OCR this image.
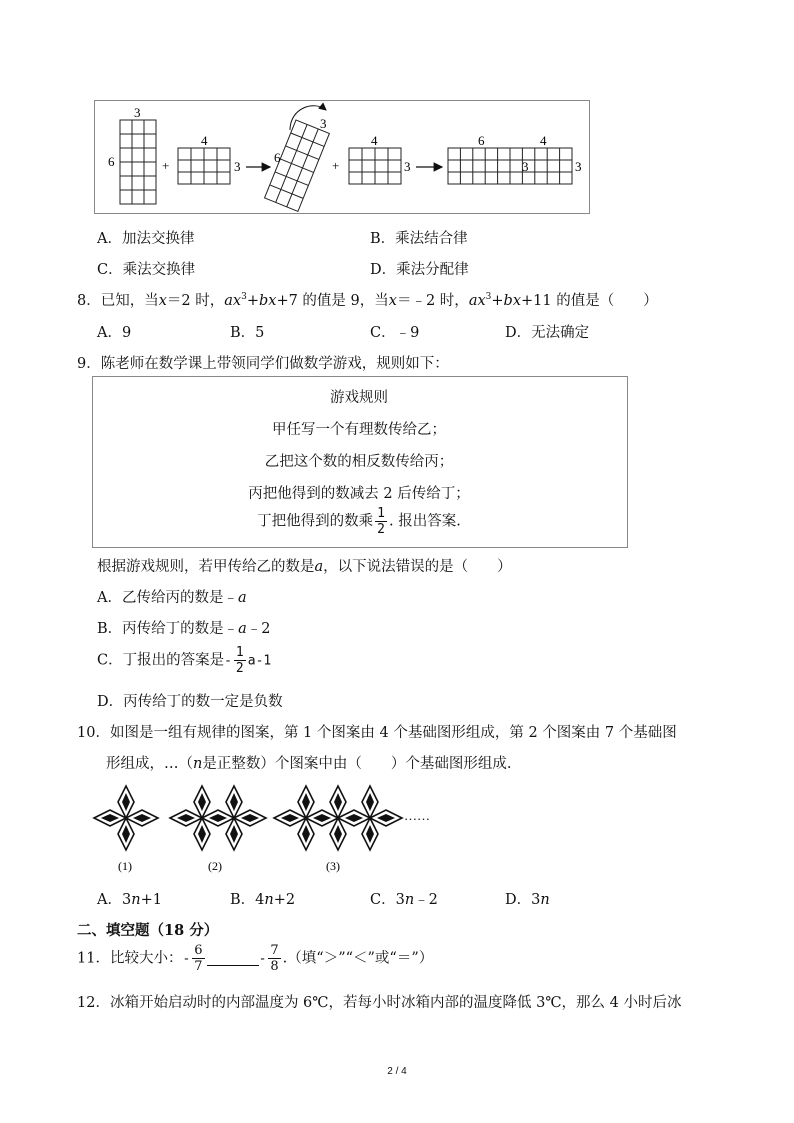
3
6	+
4
3
3
6
+
4
3
6	4
3	3
A．加法交换律	B．乘法结合律
C．乘法交换律	D．乘法分配律
8．已知，当x＝2 时，$ax^3+bx+7$ 的值是 9，当x＝﹣2 时，$ax^3+bx+11$ 的值是（　　）
A．9	B．5	C．﹣9	D．无法确定
9．陈老师在数学课上带领同学们做数学游戏，规则如下：
游戏规则
甲任写一个有理数传给乙；
乙把这个数的相反数传给丙；
丙把他得到的数减去 2 后传给丁；
丁把他得到的数乘 $\frac{1}{2}$ . 报出答案.
根据游戏规则，若甲传给乙的数是a，以下说法错误的是（　　）
A．乙传给丙的数是﹣a
B．丙传给丁的数是﹣a﹣2
C．丁报出的答案是- $\frac{1}{2} a-1$
D．丙传给丁的数一定是负数
10．如图是一组有规律的图案，第 1 个图案由 4 个基础图形组成，第 2 个图案由 7 个基础图
形组成，…（n是正整数）个图案中由（　　）个基础图形组成.
……
(1)	(2)	(3)
A．3n+1	B．4n+2	C．3n﹣2	D．3n
二、填空题（18 分）
11．比较大小：- $\frac{6}{7}$	- $\frac{7}{8}$ .（填“＞”“＜”或“＝”）
12．冰箱开始启动时的内部温度为 6℃，若每小时冰箱内部的温度降低 3℃，那么 4 小时后冰
2 / 4
